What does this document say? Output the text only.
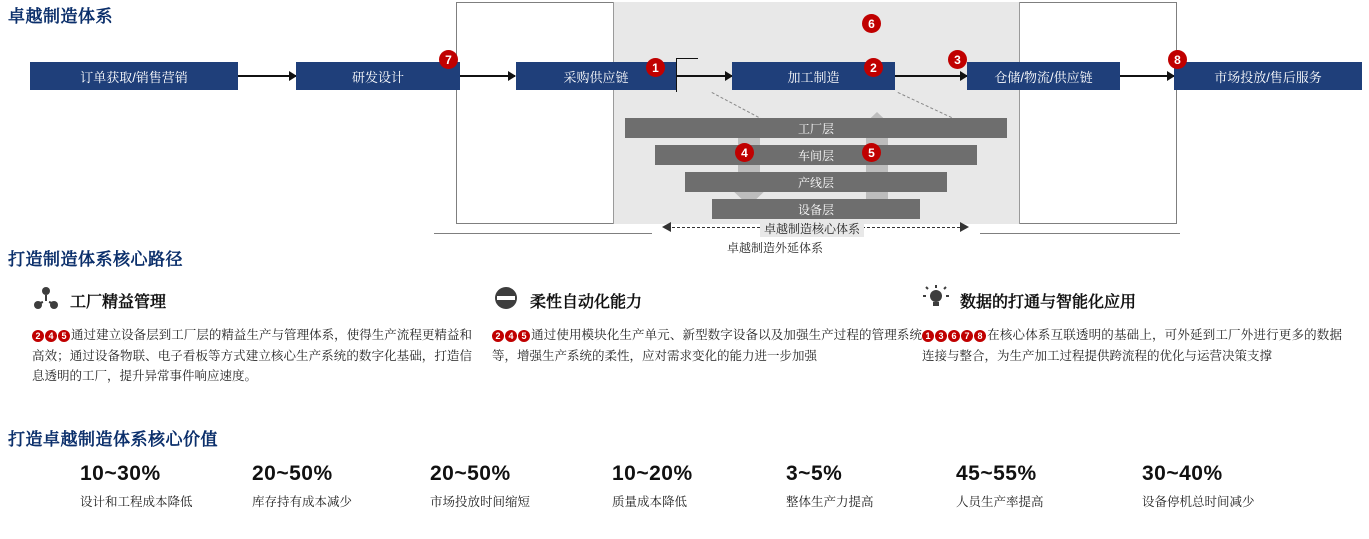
卓越制造体系
订单获取/销售营销	研发设计	采购供应链	加工制造	仓储/物流/供应链	市场投放/售后服务
工厂层
车间层
产线层
设备层
1	2
3
4	5
6
7	8
卓越制造核心体系
卓越制造外延体系
打造制造体系核心路径
工厂精益管理

2 4 5 通过建立设备层到工厂层的精益生产与管理体系，使得生产流程更精益和高效；通过设备物联、电子看板等方式建立核心生产系统的数字化基础，打造信息透明的工厂，提升异常事件响应速度。

柔性自动化能力

2 4 5 通过使用模块化生产单元、新型数字设备以及加强生产过程的管理系统等，增强生产系统的柔性，应对需求变化的能力进一步加强

数据的打通与智能化应用

1 3 6 7 8 在核心体系互联透明的基础上，可外延到工厂外进行更多的数据连接与整合，为生产加工过程提供跨流程的优化与运营决策支撑

打造卓越制造体系核心价值
10~30%
设计和工程成本降低
20~50%
库存持有成本减少
20~50%
市场投放时间缩短
10~20%
质量成本降低
3~5%
整体生产力提高
45~55%
人员生产率提高
30~40%
设备停机总时间减少
